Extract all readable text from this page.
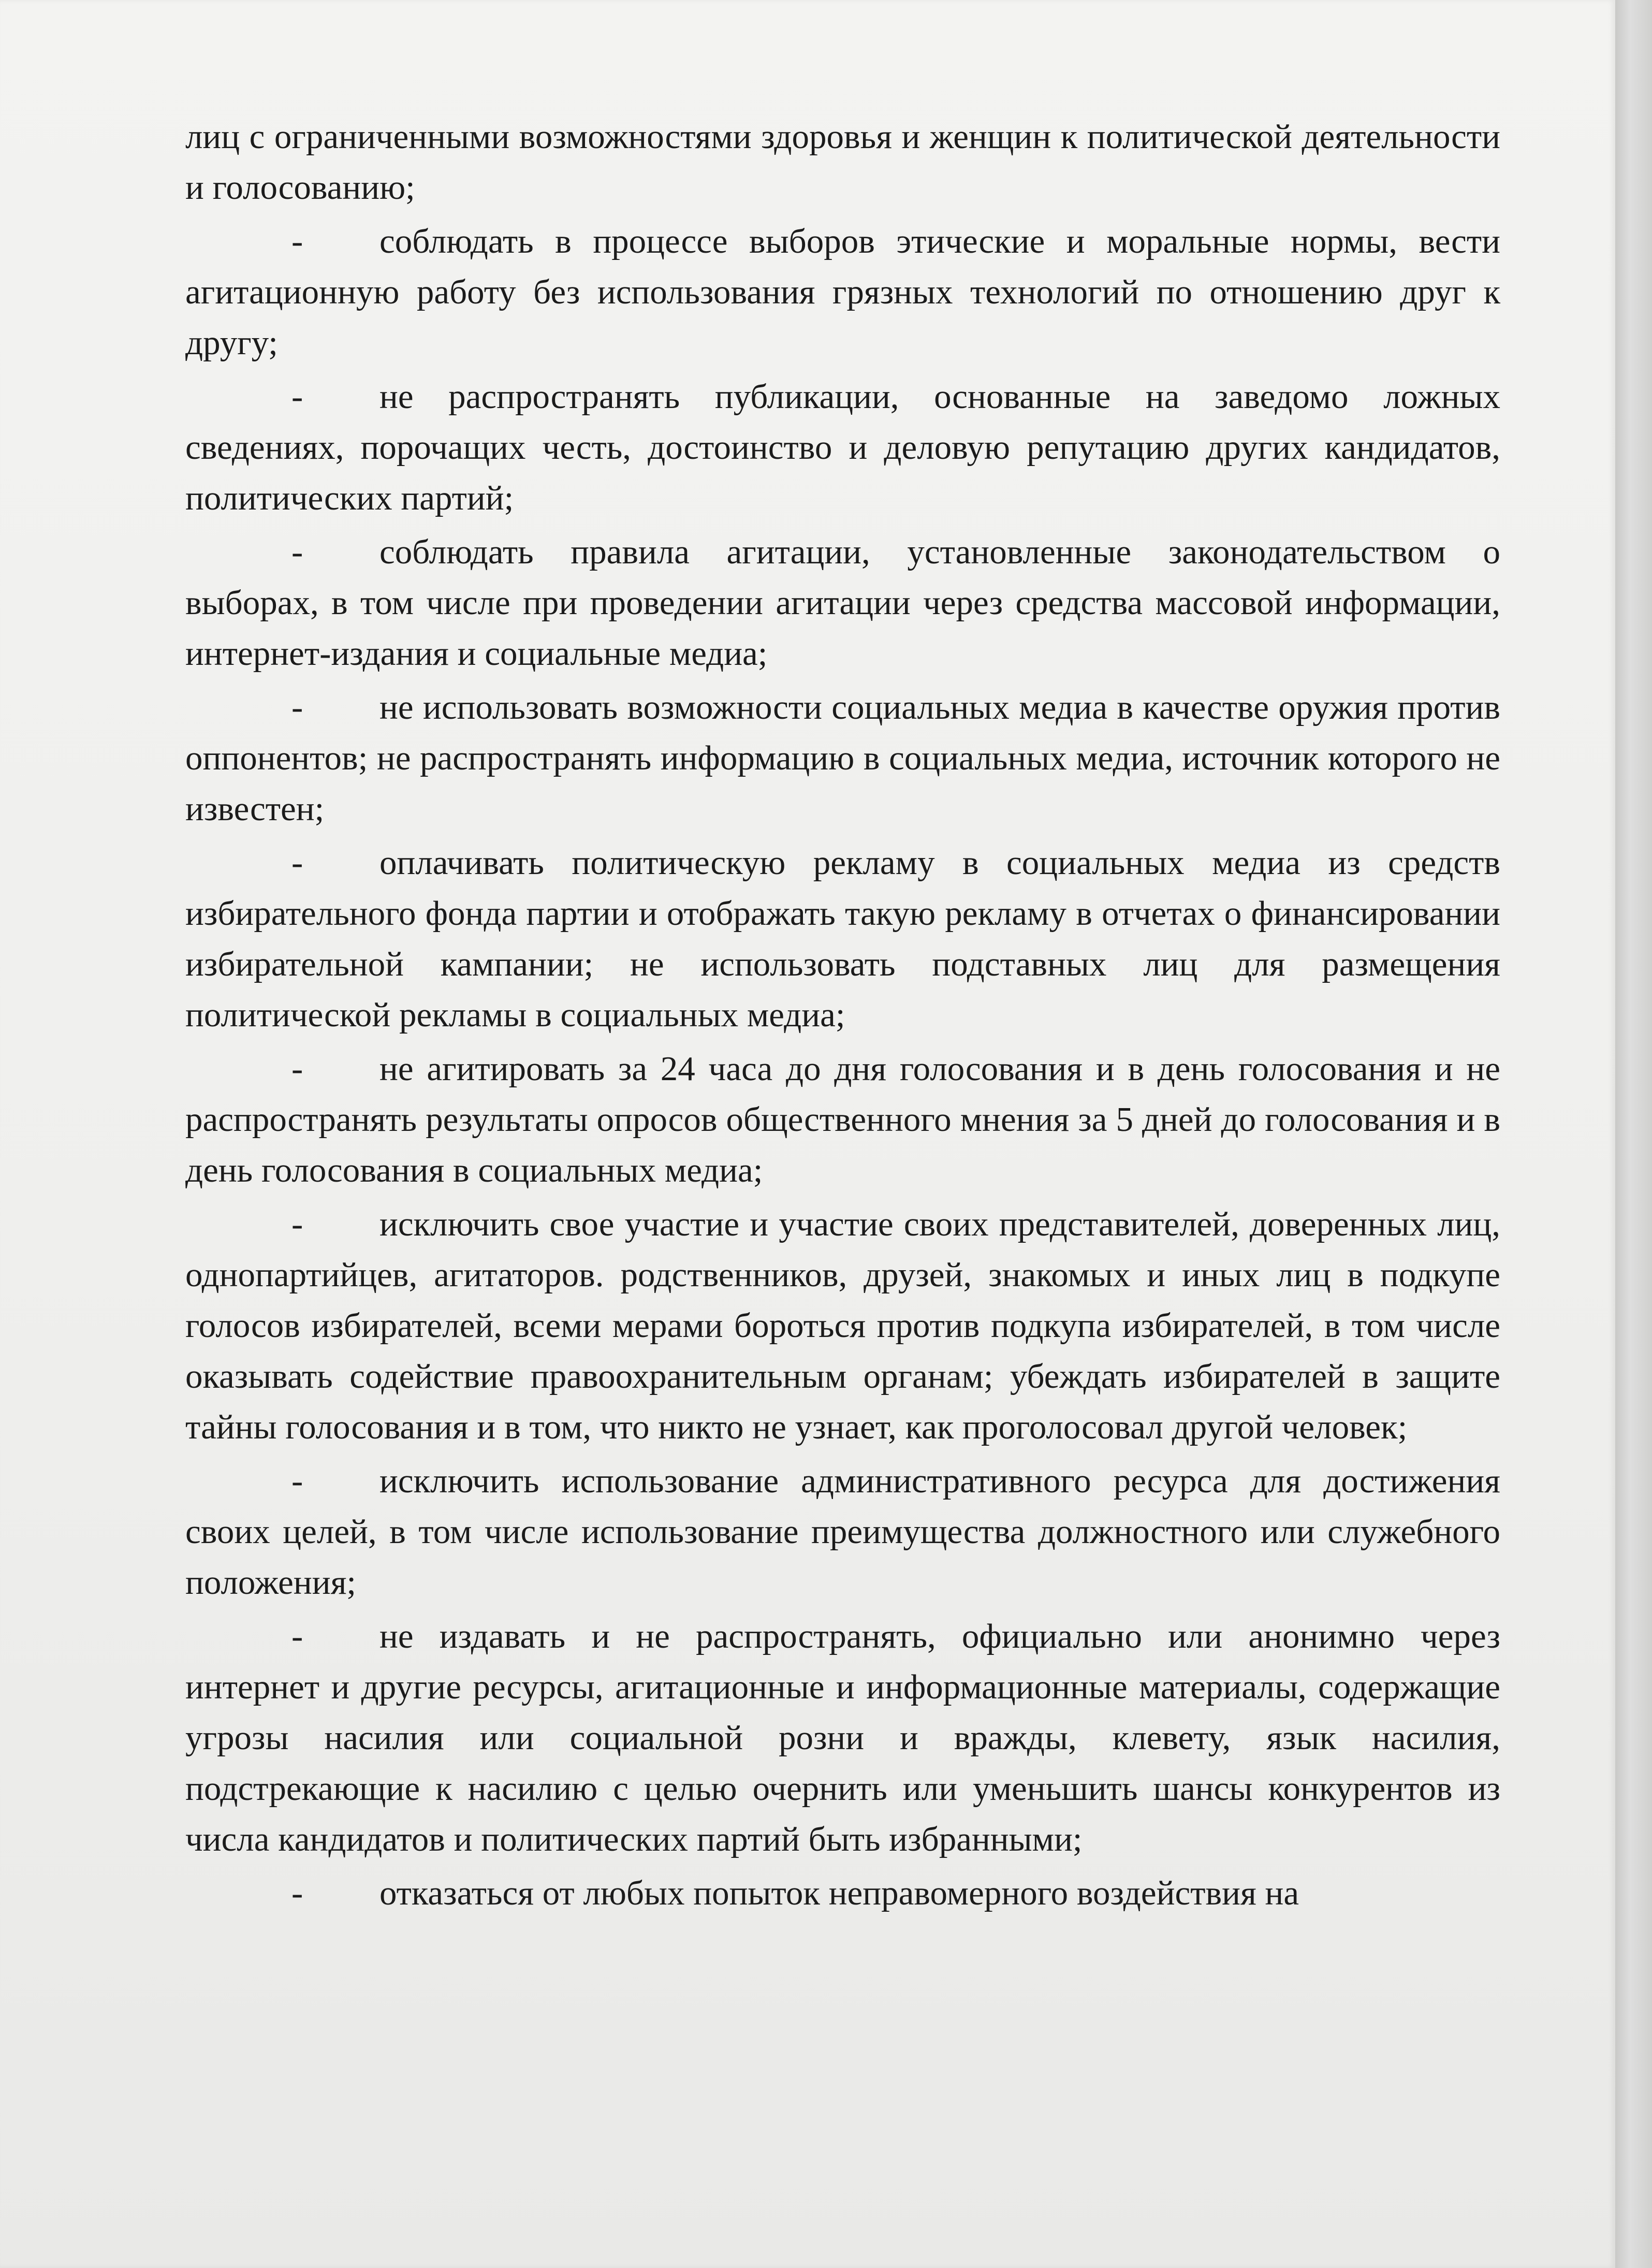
лиц с ограниченными возможностями здоровья и женщин к политической деятельности и голосованию;

- соблюдать в процессе выборов этические и моральные нормы, вести агитационную работу без использования грязных технологий по отношению друг к другу;

- не распространять публикации, основанные на заведомо ложных сведениях, порочащих честь, достоинство и деловую репутацию других кандидатов, политических партий;

- соблюдать правила агитации, установленные законодательством о выборах, в том числе при проведении агитации через средства массовой информации, интернет-издания и социальные медиа;

- не использовать возможности социальных медиа в качестве оружия против оппонентов; не распространять информацию в социальных медиа, источник которого не известен;

- оплачивать политическую рекламу в социальных медиа из средств избирательного фонда партии и отображать такую рекламу в отчетах о финансировании избирательной кампании; не использовать подставных лиц для размещения политической рекламы в социальных медиа;

- не агитировать за 24 часа до дня голосования и в день голосования и не распространять результаты опросов общественного мнения за 5 дней до голосования и в день голосования в социальных медиа;

- исключить свое участие и участие своих представителей, доверенных лиц, однопартийцев, агитаторов. родственников, друзей, знакомых и иных лиц в подкупе голосов избирателей, всеми мерами бороться против подкупа избирателей, в том числе оказывать содействие правоохранительным органам; убеждать избирателей в защите тайны голосования и в том, что никто не узнает, как проголосовал другой человек;

- исключить использование административного ресурса для достижения своих целей, в том числе использование преимущества должностного или служебного положения;

- не издавать и не распространять, официально или анонимно через интернет и другие ресурсы, агитационные и информационные материалы, содержащие угрозы насилия или социальной розни и вражды, клевету, язык насилия, подстрекающие к насилию с целью очернить или уменьшить шансы конкурентов из числа кандидатов и политических партий быть избранными;

- отказаться от любых попыток неправомерного воздействия на
